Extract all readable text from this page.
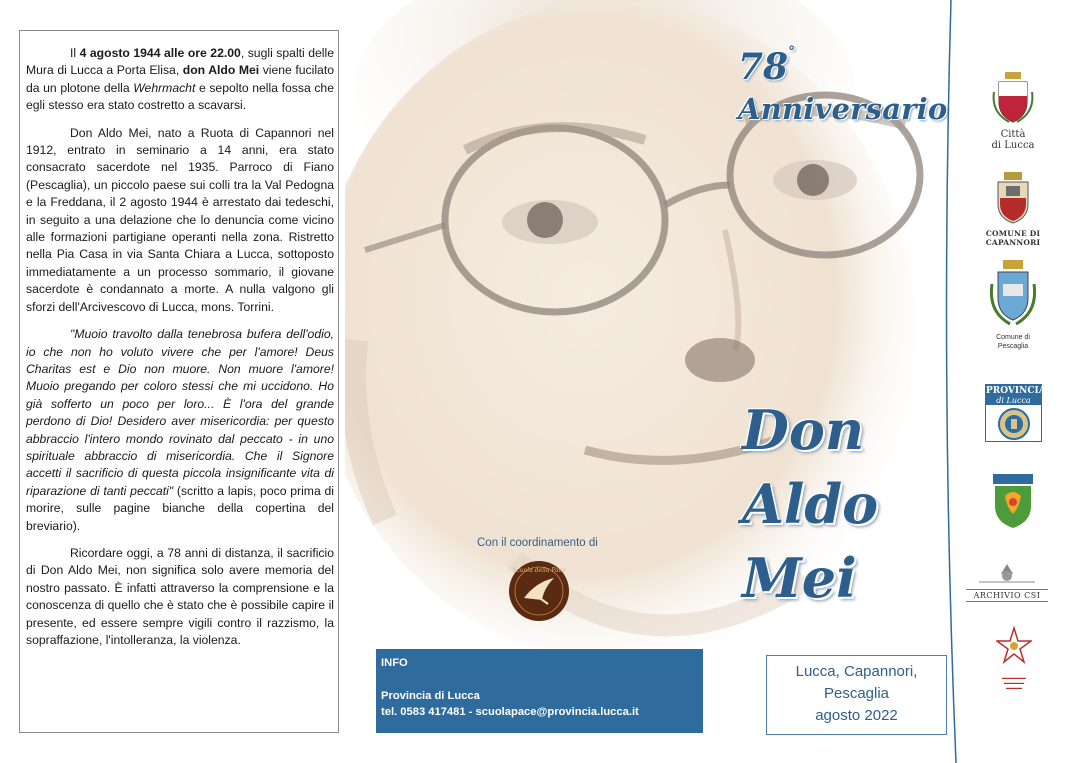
Il 4 agosto 1944 alle ore 22.00, sugli spalti delle Mura di Lucca a Porta Elisa, don Aldo Mei viene fucilato da un plotone della Wehrmacht e sepolto nella fossa che egli stesso era stato costretto a scavarsi.

Don Aldo Mei, nato a Ruota di Capannori nel 1912, entrato in seminario a 14 anni, era stato consacrato sacerdote nel 1935. Parroco di Fiano (Pescaglia), un piccolo paese sui colli tra la Val Pedogna e la Freddana, il 2 agosto 1944 è arrestato dai tedeschi, in seguito a una delazione che lo denuncia come vicino alle formazioni partigiane operanti nella zona. Ristretto nella Pia Casa in via Santa Chiara a Lucca, sottoposto immediatamente a un processo sommario, il giovane sacerdote è condannato a morte. A nulla valgono gli sforzi dell'Arcivescovo di Lucca, mons. Torrini.

"Muoio travolto dalla tenebrosa bufera dell'odio, io che non ho voluto vivere che per l'amore! Deus Charitas est e Dio non muore. Non muore l'amore! Muoio pregando per coloro stessi che mi uccidono. Ho già sofferto un poco per loro... È l'ora del grande perdono di Dio! Desidero aver misericordia: per questo abbraccio l'intero mondo rovinato dal peccato - in uno spirituale abbraccio di misericordia. Che il Signore accetti il sacrificio di questa piccola insignificante vita di riparazione di tanti peccati" (scritto a lapis, poco prima di morire, sulle pagine bianche della copertina del breviario).

Ricordare oggi, a 78 anni di distanza, il sacrificio di Don Aldo Mei, non significa solo avere memoria del nostro passato. È infatti attraverso la comprensione e la conoscenza di quello che è stato che è possibile capire il presente, ed essere sempre vigili contro il razzismo, la sopraffazione, l'intolleranza, la violenza.

78°
Anniversario
Don
Aldo
Mei
Con il coordinamento di
Scuola della Pace
INFO
Provincia di Lucca
tel. 0583 417481 - scuolapace@provincia.lucca.it
Lucca, Capannori,
Pescaglia
agosto 2022
Città
di Lucca
COMUNE DI CAPANNORI
Comune di
Pescaglia
PROVINCIA
di Lucca
ARCHIVIO CSI
▬▬▬▬▬▬
▬▬▬▬▬
▬▬▬▬
